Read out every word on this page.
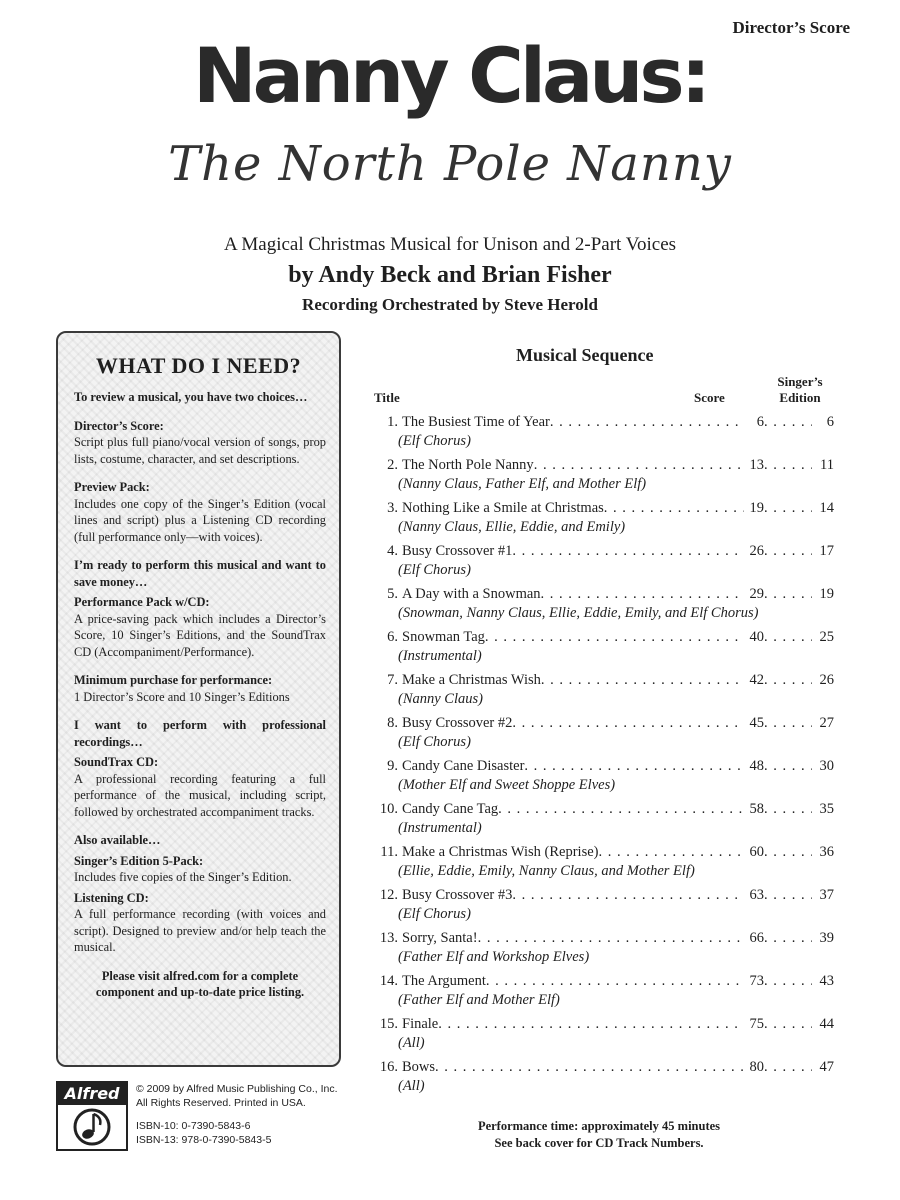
Director’s Score
Nanny Claus:
The North Pole Nanny
A Magical Christmas Musical for Unison and 2-Part Voices
by Andy Beck and Brian Fisher
Recording Orchestrated by Steve Herold
WHAT DO I NEED?

To review a musical, you have two choices…

Director’s Score:
Script plus full piano/vocal version of songs, prop lists, costume, character, and set descriptions.

Preview Pack:
Includes one copy of the Singer’s Edition (vocal lines and script) plus a Listening CD recording (full performance only—with voices).

I’m ready to perform this musical and want to save money…

Performance Pack w/CD:
A price-saving pack which includes a Director’s Score, 10 Singer’s Editions, and the SoundTrax CD (Accompaniment/Performance).

Minimum purchase for performance:
1 Director’s Score and 10 Singer’s Editions

I want to perform with professional recordings…

SoundTrax CD:
A professional recording featuring a full performance of the musical, including script, followed by orchestrated accompaniment tracks.

Also available…

Singer’s Edition 5-Pack:
Includes five copies of the Singer’s Edition.

Listening CD:
A full performance recording (with voices and script). Designed to preview and/or help teach the musical.

Please visit alfred.com for a complete component and up-to-date price listing.

Alfred	© 2009 by Alfred Music Publishing Co., Inc.
All Rights Reserved. Printed in USA.
ISBN-10: 0-7390-5843-6
ISBN-13: 978-0-7390-5843-5
Musical Sequence
Title	Score
Singer’s
Edition
1. The Busiest Time of Year . . .	6 . . .	6
(Elf Chorus)
2. The North Pole Nanny . . .	13 . . .	11
(Nanny Claus, Father Elf, and Mother Elf)
3. Nothing Like a Smile at Christmas . . .	19 . . .	14
(Nanny Claus, Ellie, Eddie, and Emily)
4. Busy Crossover #1 . . .	26 . . .	17
(Elf Chorus)
5. A Day with a Snowman . . .	29 . . .	19
(Snowman, Nanny Claus, Ellie, Eddie, Emily, and Elf Chorus)
6. Snowman Tag . . .	40 . . .	25
(Instrumental)
7. Make a Christmas Wish . . .	42 . . .	26
(Nanny Claus)
8. Busy Crossover #2 . . .	45 . . .	27
(Elf Chorus)
9. Candy Cane Disaster . . .	48 . . .	30
(Mother Elf and Sweet Shoppe Elves)
10. Candy Cane Tag . . .	58 . . .	35
(Instrumental)
11. Make a Christmas Wish (Reprise) . . .	60 . . .	36
(Ellie, Eddie, Emily, Nanny Claus, and Mother Elf)
12. Busy Crossover #3 . . .	63 . . .	37
(Elf Chorus)
13. Sorry, Santa! . . .	66 . . .	39
(Father Elf and Workshop Elves)
14. The Argument . . .	73 . . .	43
(Father Elf and Mother Elf)
15. Finale . . .	75 . . .	44
(All)
16. Bows . . .	80 . . .	47
(All)
Performance time: approximately 45 minutes
See back cover for CD Track Numbers.
